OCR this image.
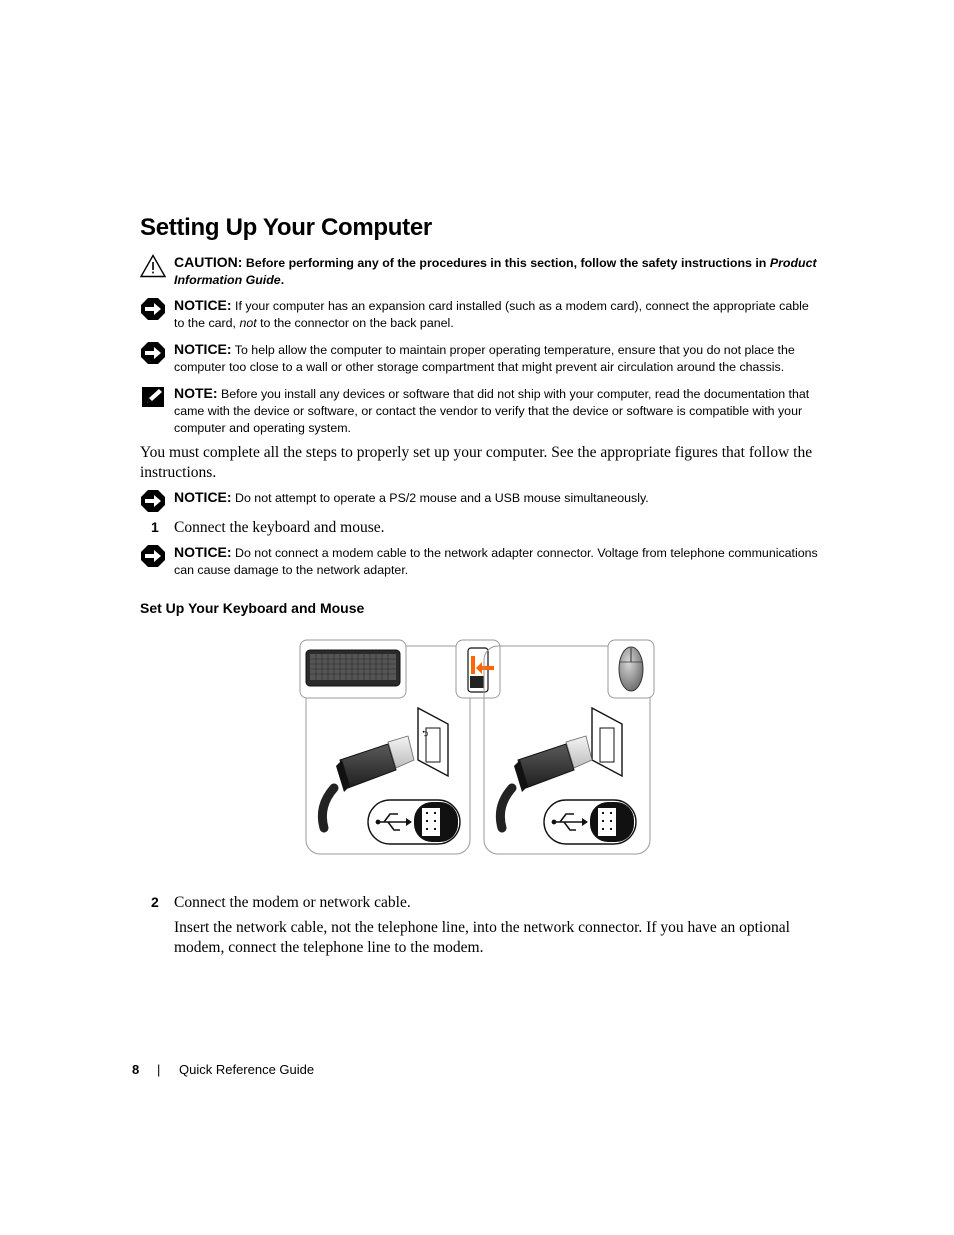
Setting Up Your Computer
CAUTION: Before performing any of the procedures in this section, follow the safety instructions in Product Information Guide.
NOTICE: If your computer has an expansion card installed (such as a modem card), connect the appropriate cable to the card, not to the connector on the back panel.
NOTICE: To help allow the computer to maintain proper operating temperature, ensure that you do not place the computer too close to a wall or other storage compartment that might prevent air circulation around the chassis.
NOTE: Before you install any devices or software that did not ship with your computer, read the documentation that came with the device or software, or contact the vendor to verify that the device or software is compatible with your computer and operating system.

You must complete all the steps to properly set up your computer. See the appropriate figures that follow the instructions.

NOTICE: Do not attempt to operate a PS/2 mouse and a USB mouse simultaneously.
1 Connect the keyboard and mouse.
NOTICE: Do not connect a modem cable to the network adapter connector. Voltage from telephone communications can cause damage to the network adapter.
Set Up Your Keyboard and Mouse
⮌
2 Connect the modem or network cable.

Insert the network cable, not the telephone line, into the network connector. If you have an optional modem, connect the telephone line to the modem.

8 | Quick Reference Guide
